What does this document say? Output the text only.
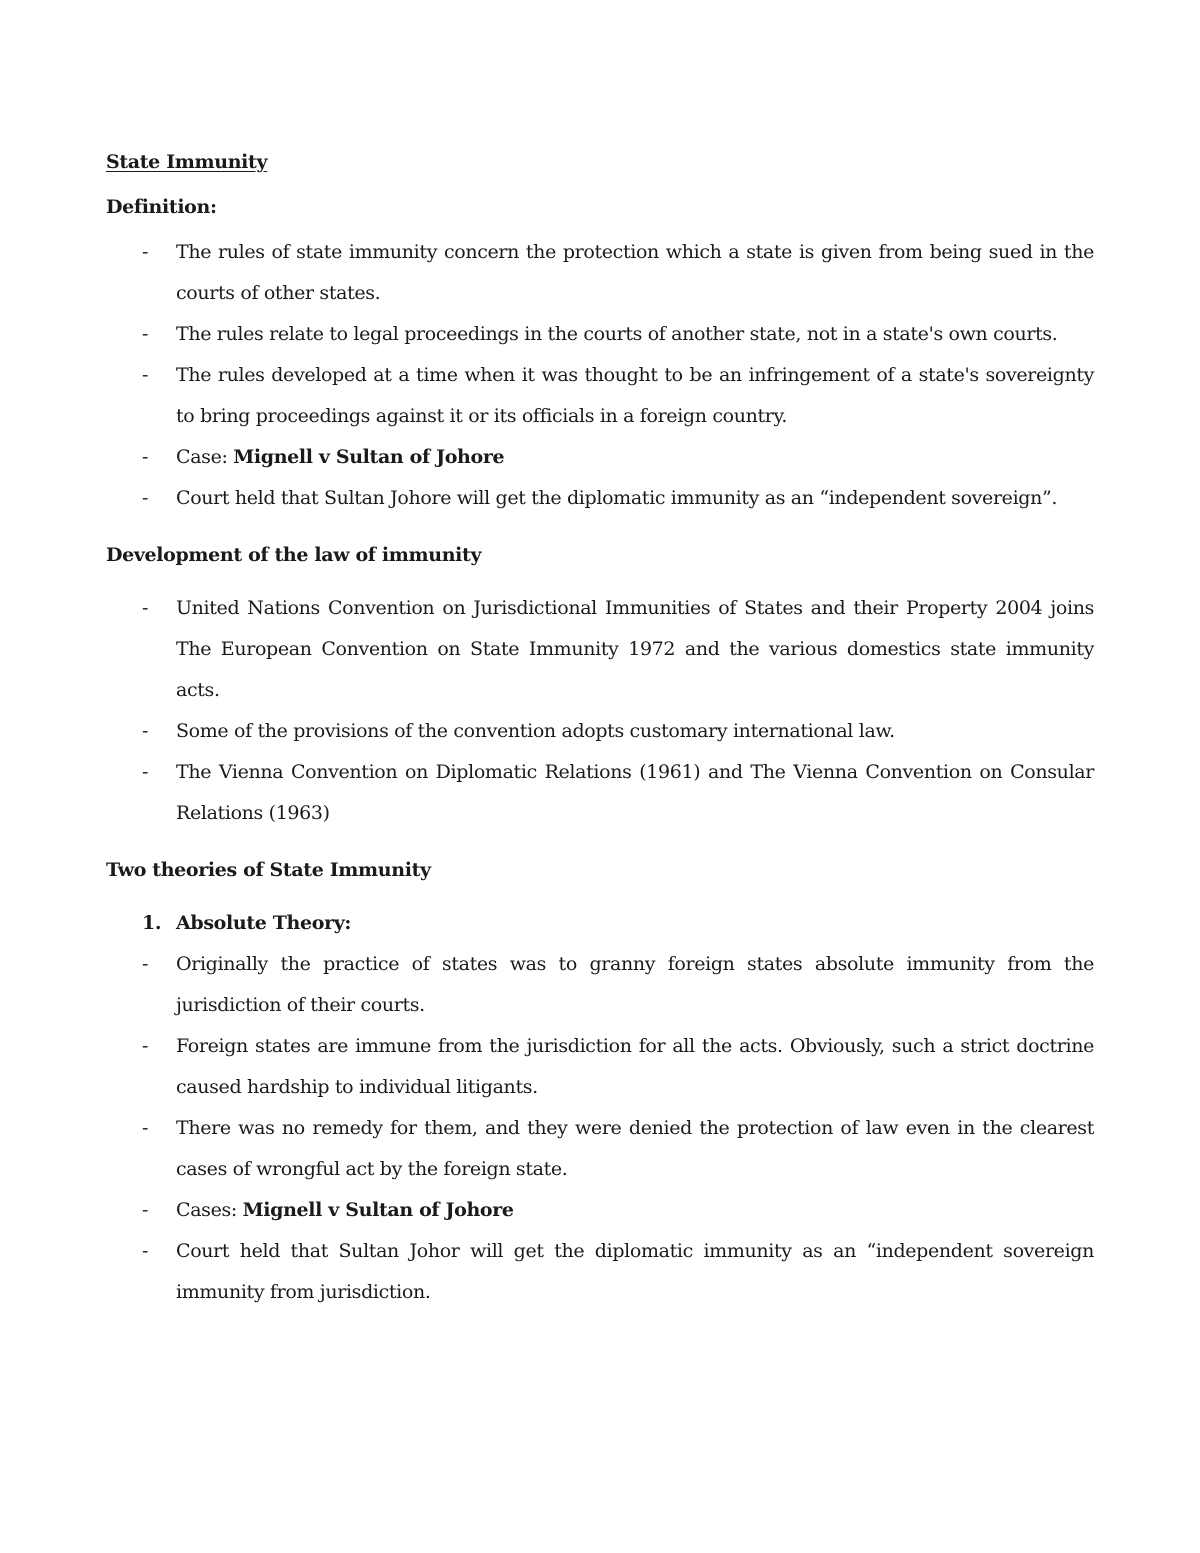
State Immunity
Definition:
- The rules of state immunity concern the protection which a state is given from being sued in the courts of other states.
- The rules relate to legal proceedings in the courts of another state, not in a state's own courts.
- The rules developed at a time when it was thought to be an infringement of a state's sovereignty to bring proceedings against it or its officials in a foreign country.
- Case: Mignell v Sultan of Johore
- Court held that Sultan Johore will get the diplomatic immunity as an “independent sovereign”.
Development of the law of immunity
- United Nations Convention on Jurisdictional Immunities of States and their Property 2004 joins The European Convention on State Immunity 1972 and the various domestics state immunity acts.
- Some of the provisions of the convention adopts customary international law.
- The Vienna Convention on Diplomatic Relations (1961) and The Vienna Convention on Consular Relations (1963)
Two theories of State Immunity
1. Absolute Theory:
- Originally the practice of states was to granny foreign states absolute immunity from the jurisdiction of their courts.
- Foreign states are immune from the jurisdiction for all the acts. Obviously, such a strict doctrine caused hardship to individual litigants.
- There was no remedy for them, and they were denied the protection of law even in the clearest cases of wrongful act by the foreign state.
- Cases: Mignell v Sultan of Johore
- Court held that Sultan Johor will get the diplomatic immunity as an “independent sovereign immunity from jurisdiction.
